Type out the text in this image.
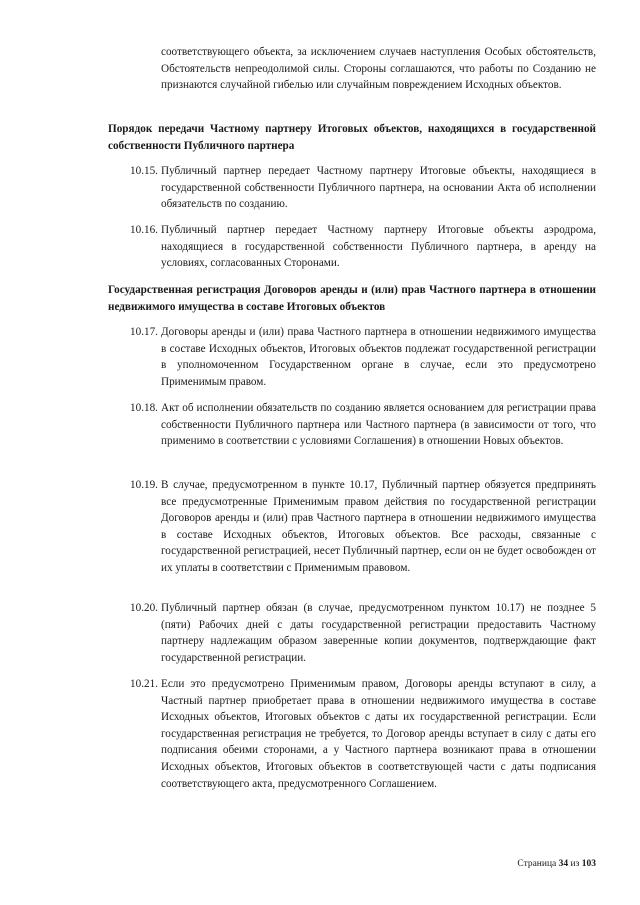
соответствующего объекта, за исключением случаев наступления Особых обстоятельств, Обстоятельств непреодолимой силы. Стороны соглашаются, что работы по Созданию не признаются случайной гибелью или случайным повреждением Исходных объектов.
Порядок передачи Частному партнеру Итоговых объектов, находящихся в государственной собственности Публичного партнера
10.15. Публичный партнер передает Частному партнеру Итоговые объекты, находящиеся в государственной собственности Публичного партнера, на основании Акта об исполнении обязательств по созданию.
10.16. Публичный партнер передает Частному партнеру Итоговые объекты аэродрома, находящиеся в государственной собственности Публичного партнера, в аренду на условиях, согласованных Сторонами.
Государственная регистрация Договоров аренды и (или) прав Частного партнера в отношении недвижимого имущества в составе Итоговых объектов
10.17. Договоры аренды и (или) права Частного партнера в отношении недвижимого имущества в составе Исходных объектов, Итоговых объектов подлежат государственной регистрации в уполномоченном Государственном органе в случае, если это предусмотрено Применимым правом.
10.18. Акт об исполнении обязательств по созданию является основанием для регистрации права собственности Публичного партнера или Частного партнера (в зависимости от того, что применимо в соответствии с условиями Соглашения) в отношении Новых объектов.
10.19. В случае, предусмотренном в пункте 10.17, Публичный партнер обязуется предпринять все предусмотренные Применимым правом действия по государственной регистрации Договоров аренды и (или) прав Частного партнера в отношении недвижимого имущества в составе Исходных объектов, Итоговых объектов. Все расходы, связанные с государственной регистрацией, несет Публичный партнер, если он не будет освобожден от их уплаты в соответствии с Применимым правовом.
10.20. Публичный партнер обязан (в случае, предусмотренном пунктом 10.17) не позднее 5 (пяти) Рабочих дней с даты государственной регистрации предоставить Частному партнеру надлежащим образом заверенные копии документов, подтверждающие факт государственной регистрации.
10.21. Если это предусмотрено Применимым правом, Договоры аренды вступают в силу, а Частный партнер приобретает права в отношении недвижимого имущества в составе Исходных объектов, Итоговых объектов с даты их государственной регистрации. Если государственная регистрация не требуется, то Договор аренды вступает в силу с даты его подписания обеими сторонами, а у Частного партнера возникают права в отношении Исходных объектов, Итоговых объектов в соответствующей части с даты подписания соответствующего акта, предусмотренного Соглашением.
Страница 34 из 103
